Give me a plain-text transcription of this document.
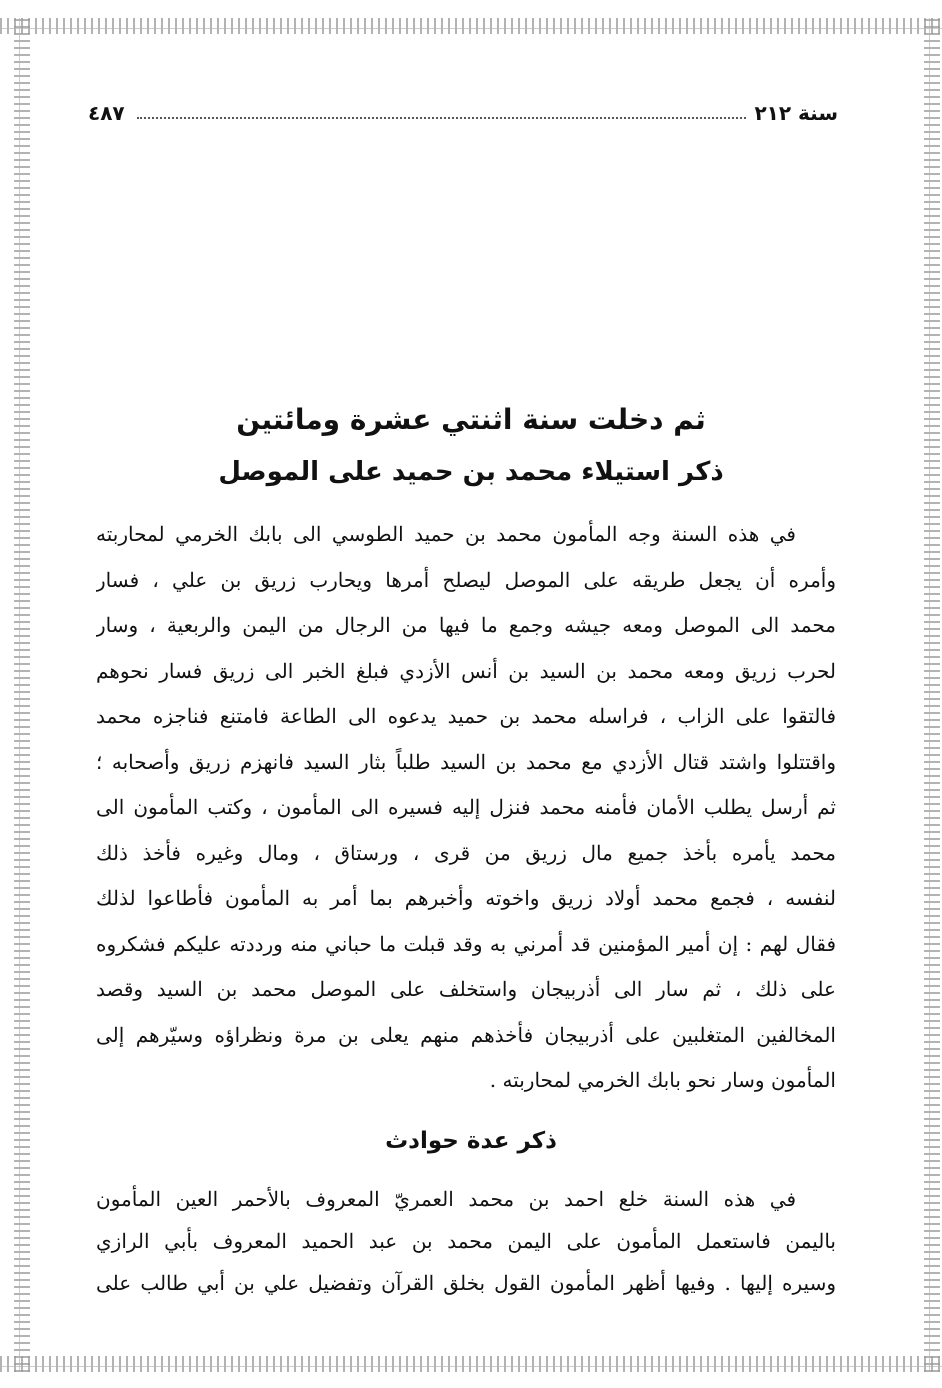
سنة ٢١٢
٤٨٧
ثم دخلت سنة اثنتي عشرة ومائتين
ذكر استيلاء محمد بن حميد على الموصل
في هذه السنة وجه المأمون محمد بن حميد الطوسي الى بابك الخرمي لمحاربته
وأمره أن يجعل طريقه على الموصل ليصلح أمرها ويحارب زريق بن علي ، فسار
محمد الى الموصل ومعه جيشه وجمع ما فيها من الرجال من اليمن والربعية ، وسار
لحرب زريق ومعه محمد بن السيد بن أنس الأزدي فبلغ الخبر الى زريق فسار نحوهم
فالتقوا على الزاب ، فراسله محمد بن حميد يدعوه الى الطاعة فامتنع فناجزه محمد
واقتتلوا واشتد قتال الأزدي مع محمد بن السيد طلباً بثار السيد فانهزم زريق وأصحابه ؛
ثم أرسل يطلب الأمان فأمنه محمد فنزل إليه فسيره الى المأمون ، وكتب المأمون الى
محمد يأمره بأخذ جميع مال زريق من قرى ، ورستاق ، ومال وغيره فأخذ ذلك
لنفسه ، فجمع محمد أولاد زريق واخوته وأخبرهم بما أمر به المأمون فأطاعوا لذلك
فقال لهم : إن أمير المؤمنين قد أمرني به وقد قبلت ما حباني منه ورددته عليكم فشكروه
على ذلك ، ثم سار الى أذربيجان واستخلف على الموصل محمد بن السيد وقصد
المخالفين المتغلبين على أذربيجان فأخذهم منهم يعلى بن مرة ونظراؤه وسيّرهم إلى
المأمون وسار نحو بابك الخرمي لمحاربته .
ذكر عدة حوادث
في هذه السنة خلع احمد بن محمد العمريّ المعروف بالأحمر العين المأمون
باليمن فاستعمل المأمون على اليمن محمد بن عبد الحميد المعروف بأبي الرازي
وسيره إليها . وفيها أظهر المأمون القول بخلق القرآن وتفضيل علي بن أبي طالب على
